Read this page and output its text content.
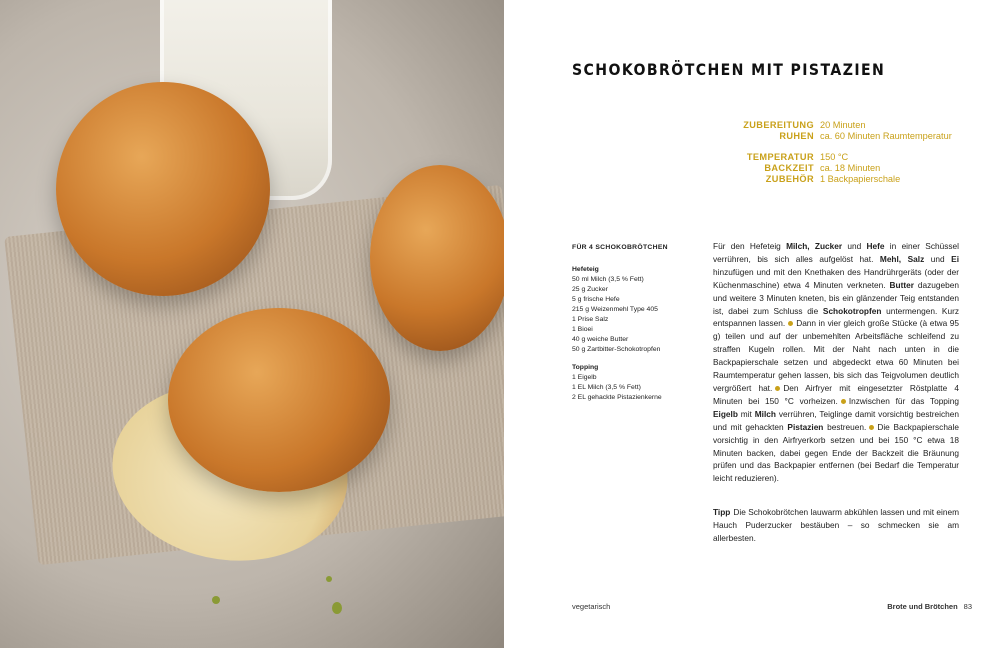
SCHOKOBRÖTCHEN MIT PISTAZIEN
ZUBEREITUNG 20 Minuten
RUHEN ca. 60 Minuten Raumtemperatur
TEMPERATUR 150 °C
BACKZEIT ca. 18 Minuten
ZUBEHÖR 1 Backpapierschale
FÜR 4 SCHOKOBRÖTCHEN
Hefeteig
50 ml Milch (3,5 % Fett)
25 g Zucker
5 g frische Hefe
215 g Weizenmehl Type 405
1 Prise Salz
1 Bioei
40 g weiche Butter
50 g Zartbitter-Schokotropfen
Topping
1 Eigelb
1 EL Milch (3,5 % Fett)
2 EL gehackte Pistazienkerne
Für den Hefeteig Milch, Zucker und Hefe in einer Schüssel verrühren, bis sich alles aufgelöst hat. Mehl, Salz und Ei hinzufügen und mit den Knethaken des Handrührgeräts (oder der Küchenmaschine) etwa 4 Minuten verkneten. Butter dazugeben und weitere 3 Minuten kneten, bis ein glänzender Teig entstanden ist, dabei zum Schluss die Schokotropfen untermengen. Kurz entspannen lassen. Dann in vier gleich große Stücke (à etwa 95 g) teilen und auf der unbemehlten Arbeitsfläche schleifend zu straffen Kugeln rollen. Mit der Naht nach unten in die Backpapierschale setzen und abgedeckt etwa 60 Minuten bei Raumtemperatur gehen lassen, bis sich das Teigvolumen deutlich vergrößert hat. Den Airfryer mit eingesetzter Röstplatte 4 Minuten bei 150 °C vorheizen. Inzwischen für das Topping Eigelb mit Milch verrühren, Teiglinge damit vorsichtig bestreichen und mit gehackten Pistazien bestreuen. Die Backpapierschale vorsichtig in den Airfryerkorb setzen und bei 150 °C etwa 18 Minuten backen, dabei gegen Ende der Backzeit die Bräunung prüfen und das Backpapier entfernen (bei Bedarf die Temperatur leicht reduzieren).
Tipp Die Schokobrötchen lauwarm abkühlen lassen und mit einem Hauch Puderzucker bestäuben – so schmecken sie am allerbesten.
vegetarisch	Brote und Brötchen 83
